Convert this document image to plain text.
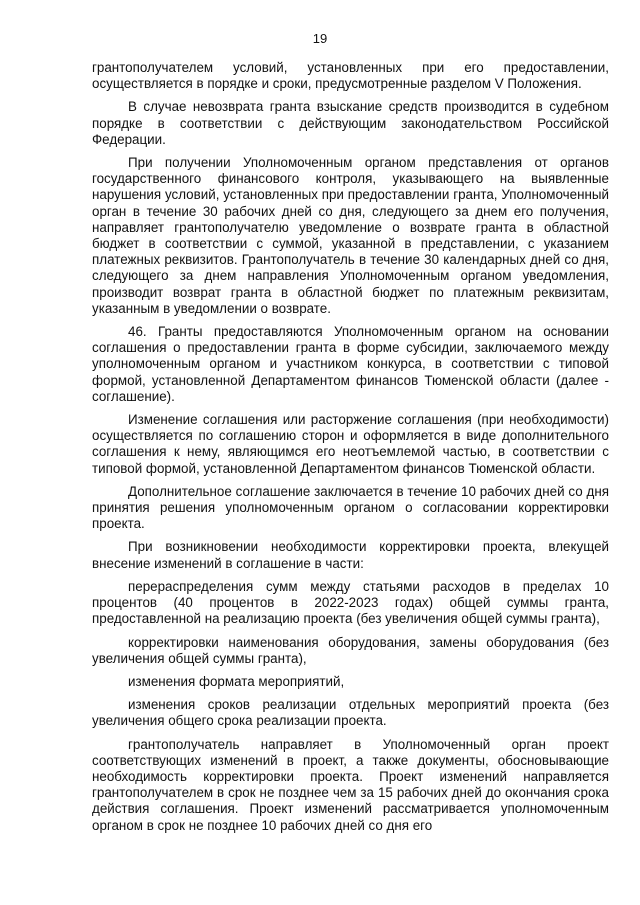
19

грантополучателем условий, установленных при его предоставлении, осуществляется в порядке и сроки, предусмотренные разделом V Положения.

В случае невозврата гранта взыскание средств производится в судебном порядке в соответствии с действующим законодательством Российской Федерации.

При получении Уполномоченным органом представления от органов государственного финансового контроля, указывающего на выявленные нарушения условий, установленных при предоставлении гранта, Уполномоченный орган в течение 30 рабочих дней со дня, следующего за днем его получения, направляет грантополучателю уведомление о возврате гранта в областной бюджет в соответствии с суммой, указанной в представлении, с указанием платежных реквизитов. Грантополучатель в течение 30 календарных дней со дня, следующего за днем направления Уполномоченным органом уведомления, производит возврат гранта в областной бюджет по платежным реквизитам, указанным в уведомлении о возврате.

46. Гранты предоставляются Уполномоченным органом на основании соглашения о предоставлении гранта в форме субсидии, заключаемого между уполномоченным органом и участником конкурса, в соответствии с типовой формой, установленной Департаментом финансов Тюменской области (далее - соглашение).

Изменение соглашения или расторжение соглашения (при необходимости) осуществляется по соглашению сторон и оформляется в виде дополнительного соглашения к нему, являющимся его неотъемлемой частью, в соответствии с типовой формой, установленной Департаментом финансов Тюменской области.

Дополнительное соглашение заключается в течение 10 рабочих дней со дня принятия решения уполномоченным органом о согласовании корректировки проекта.

При возникновении необходимости корректировки проекта, влекущей внесение изменений в соглашение в части:

перераспределения сумм между статьями расходов в пределах 10 процентов (40 процентов в 2022-2023 годах) общей суммы гранта, предоставленной на реализацию проекта (без увеличения общей суммы гранта),

корректировки наименования оборудования, замены оборудования (без увеличения общей суммы гранта),

изменения формата мероприятий,

изменения сроков реализации отдельных мероприятий проекта (без увеличения общего срока реализации проекта.

грантополучатель направляет в Уполномоченный орган проект соответствующих изменений в проект, а также документы, обосновывающие необходимость корректировки проекта. Проект изменений направляется грантополучателем в срок не позднее чем за 15 рабочих дней до окончания срока действия соглашения. Проект изменений рассматривается уполномоченным органом в срок не позднее 10 рабочих дней со дня его
